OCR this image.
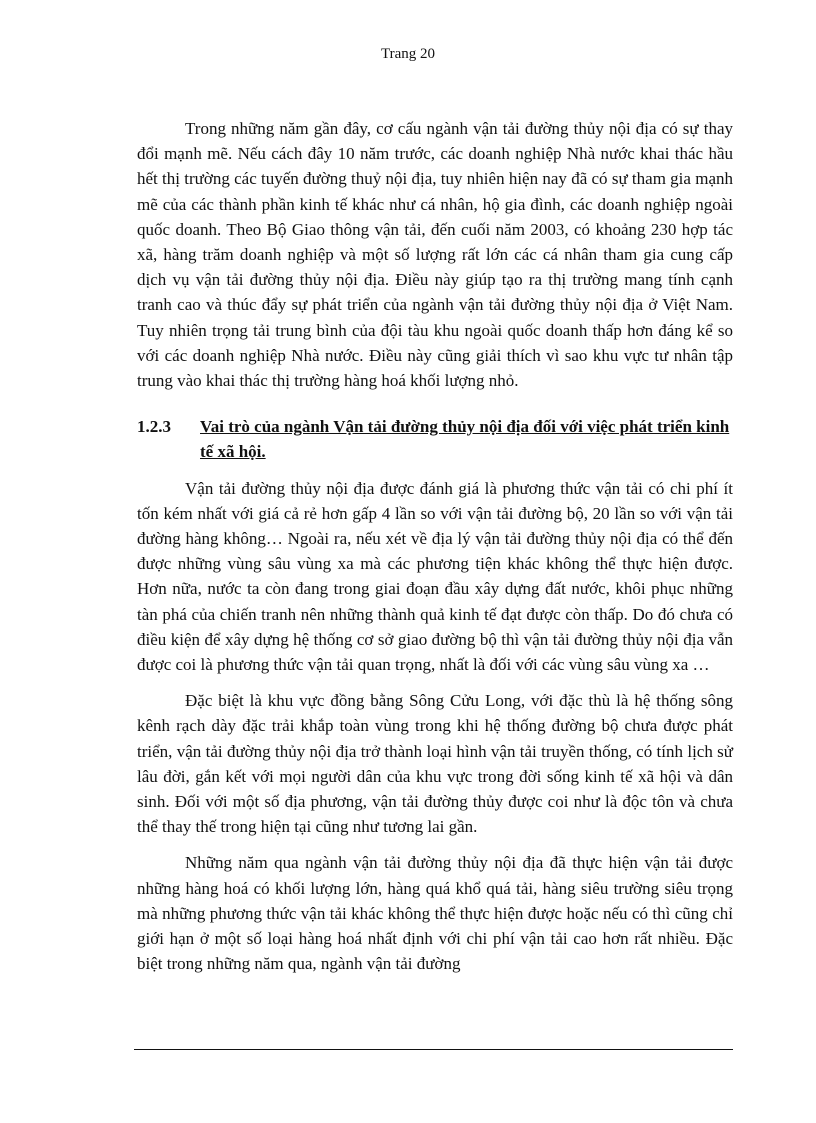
Trang 20

Trong những năm gần đây, cơ cấu ngành vận tải đường thủy nội địa có sự thay đổi mạnh mẽ. Nếu cách đây 10 năm trước, các doanh nghiệp Nhà nước khai thác hầu hết thị trường các tuyến đường thuỷ nội địa, tuy nhiên hiện nay đã có sự tham gia mạnh mẽ của các thành phần kinh tế khác như cá nhân, hộ gia đình, các doanh nghiệp ngoài quốc doanh. Theo Bộ Giao thông vận tải, đến cuối năm 2003, có khoảng 230 hợp tác xã, hàng trăm doanh nghiệp và một số lượng rất lớn các cá nhân tham gia cung cấp dịch vụ vận tải đường thủy nội địa. Điều này giúp tạo ra thị trường mang tính cạnh tranh cao và thúc đẩy sự phát triển của ngành vận tải đường thủy nội địa ở Việt Nam. Tuy nhiên trọng tải trung bình của đội tàu khu ngoài quốc doanh thấp hơn đáng kể so với các doanh nghiệp Nhà nước. Điều này cũng giải thích vì sao khu vực tư nhân tập trung vào khai thác thị trường hàng hoá khối lượng nhỏ.

1.2.3	Vai trò của ngành Vận tải đường thủy nội địa đối với việc phát triển kinh tế xã hội.

Vận tải đường thủy nội địa được đánh giá là phương thức vận tải có chi phí ít tốn kém nhất với giá cả rẻ hơn gấp 4 lần so với vận tải đường bộ, 20 lần so với vận tải đường hàng không… Ngoài ra, nếu xét về địa lý vận tải đường thủy nội địa có thể đến được những vùng sâu vùng xa mà các phương tiện khác không thể thực hiện được. Hơn nữa, nước ta còn đang trong giai đoạn đầu xây dựng đất nước, khôi phục những tàn phá của chiến tranh nên những thành quả kinh tế đạt được còn thấp. Do đó chưa có điều kiện để xây dựng hệ thống cơ sở giao đường bộ thì vận tải đường thủy nội địa vẫn được coi là phương thức vận tải quan trọng, nhất là đối với các vùng sâu vùng xa …

Đặc biệt là khu vực đồng bằng Sông Cửu Long, với đặc thù là hệ thống sông kênh rạch dày đặc trải khắp toàn vùng trong khi hệ thống đường bộ chưa được phát triển, vận tải đường thủy nội địa trở thành loại hình vận tải truyền thống, có tính lịch sử lâu đời, gắn kết với mọi người dân của khu vực trong đời sống kinh tế xã hội và dân sinh. Đối với một số địa phương, vận tải đường thủy được coi như là độc tôn và chưa thể thay thế trong hiện tại cũng như tương lai gần.

Những năm qua ngành vận tải đường thủy nội địa đã thực hiện vận tải được những hàng hoá có khối lượng lớn, hàng quá khổ quá tải, hàng siêu trường siêu trọng mà những phương thức vận tải khác không thể thực hiện được hoặc nếu có thì cũng chỉ giới hạn ở một số loại hàng hoá nhất định với chi phí vận tải cao hơn rất nhiều. Đặc biệt trong những năm qua, ngành vận tải đường
